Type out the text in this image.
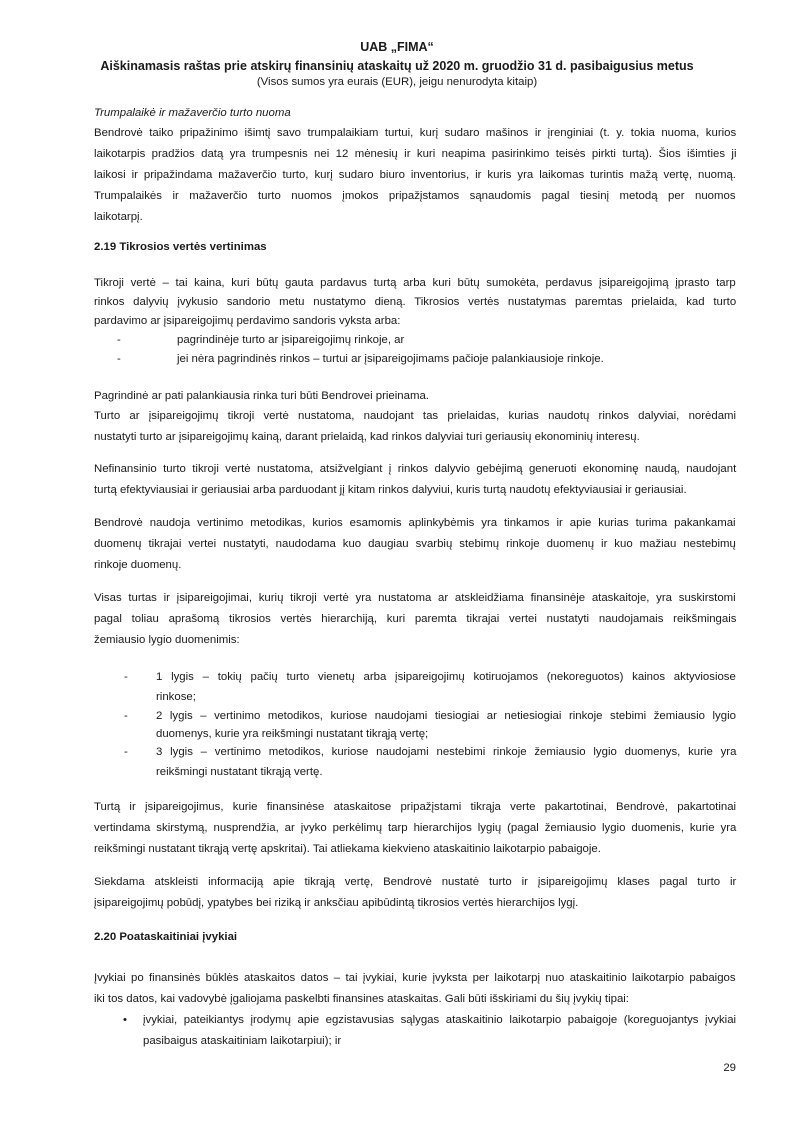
UAB „FIMA“
Aiškinamasis raštas prie atskirų finansinių ataskaitų už 2020 m. gruodžio 31 d. pasibaigusius metus
(Visos sumos yra eurais (EUR), jeigu nenurodyta kitaip)
Trumpalaikė ir mažaverčio turto nuoma
Bendrovė taiko pripažinimo išimtį savo trumpalaikiam turtui, kurį sudaro mašinos ir įrenginiai (t. y. tokia nuoma, kurios
laikotarpis pradžios datą yra trumpesnis nei 12 mėnesių ir kuri neapima pasirinkimo teisės pirkti turtą). Šios išimties ji
laikosi ir pripažindama mažaverčio turto, kurį sudaro biuro inventorius, ir kuris yra laikomas turintis mažą vertę, nuomą.
Trumpalaikės ir mažaverčio turto nuomos įmokos pripažįstamos sąnaudomis pagal tiesinį metodą per nuomos
laikotarpį.
2.19 Tikrosios vertės vertinimas
Tikroji vertė – tai kaina, kuri būtų gauta pardavus turtą arba kuri būtų sumokėta, perdavus įsipareigojimą įprasto tarp
rinkos dalyvių įvykusio sandorio metu nustatymo dieną. Tikrosios vertės nustatymas paremtas prielaida, kad turto
pardavimo ar įsipareigojimų perdavimo sandoris vyksta arba:
-	pagrindinėje turto ar įsipareigojimų rinkoje, ar
-	jei nėra pagrindinės rinkos – turtui ar įsipareigojimams pačioje palankiausioje rinkoje.
Pagrindinė ar pati palankiausia rinka turi būti Bendrovei prieinama.
Turto ar įsipareigojimų tikroji vertė nustatoma, naudojant tas prielaidas, kurias naudotų rinkos dalyviai, norėdami
nustatyti turto ar įsipareigojimų kainą, darant prielaidą, kad rinkos dalyviai turi geriausių ekonominių interesų.
Nefinansinio turto tikroji vertė nustatoma, atsižvelgiant į rinkos dalyvio gebėjimą generuoti ekonominę naudą, naudojant
turtą efektyviausiai ir geriausiai arba parduodant jį kitam rinkos dalyviui, kuris turtą naudotų efektyviausiai ir geriausiai.
Bendrovė naudoja vertinimo metodikas, kurios esamomis aplinkybėmis yra tinkamos ir apie kurias turima pakankamai
duomenų tikrajai vertei nustatyti, naudodama kuo daugiau svarbių stebimų rinkoje duomenų ir kuo mažiau nestebimų
rinkoje duomenų.
Visas turtas ir įsipareigojimai, kurių tikroji vertė yra nustatoma ar atskleidžiama finansinėje ataskaitoje, yra suskirstomi
pagal toliau aprašomą tikrosios vertės hierarchiją, kuri paremta tikrajai vertei nustatyti naudojamais reikšmingais
žemiausio lygio duomenimis:
- 1 lygis – tokių pačių turto vienetų arba įsipareigojimų kotiruojamos (nekoreguotos) kainos aktyviosiose
rinkose;
- 2 lygis – vertinimo metodikos, kuriose naudojami tiesiogiai ar netiesiogiai rinkoje stebimi žemiausio lygio
duomenys, kurie yra reikšmingi nustatant tikrąją vertę;
- 3 lygis – vertinimo metodikos, kuriose naudojami nestebimi rinkoje žemiausio lygio duomenys, kurie yra
reikšmingi nustatant tikrąją vertę.
Turtą ir įsipareigojimus, kurie finansinėse ataskaitose pripažįstami tikrąja verte pakartotinai, Bendrovė, pakartotinai
vertindama skirstymą, nusprendžia, ar įvyko perkėlimų tarp hierarchijos lygių (pagal žemiausio lygio duomenis, kurie yra
reikšmingi nustatant tikrąją vertę apskritai). Tai atliekama kiekvieno ataskaitinio laikotarpio pabaigoje.
Siekdama atskleisti informaciją apie tikrąją vertę, Bendrovė nustatė turto ir įsipareigojimų klases pagal turto ir
įsipareigojimų pobūdį, ypatybes bei riziką ir anksčiau apibūdintą tikrosios vertės hierarchijos lygį.
2.20 Poataskaitiniai įvykiai
Įvykiai po finansinės būklės ataskaitos datos – tai įvykiai, kurie įvyksta per laikotarpį nuo ataskaitinio laikotarpio pabaigos
iki tos datos, kai vadovybė įgaliojama paskelbti finansines ataskaitas. Gali būti išskiriami du šių įvykių tipai:
• įvykiai, pateikiantys įrodymų apie egzistavusias sąlygas ataskaitinio laikotarpio pabaigoje (koreguojantys įvykiai
pasibaigus ataskaitiniam laikotarpiui); ir
29
